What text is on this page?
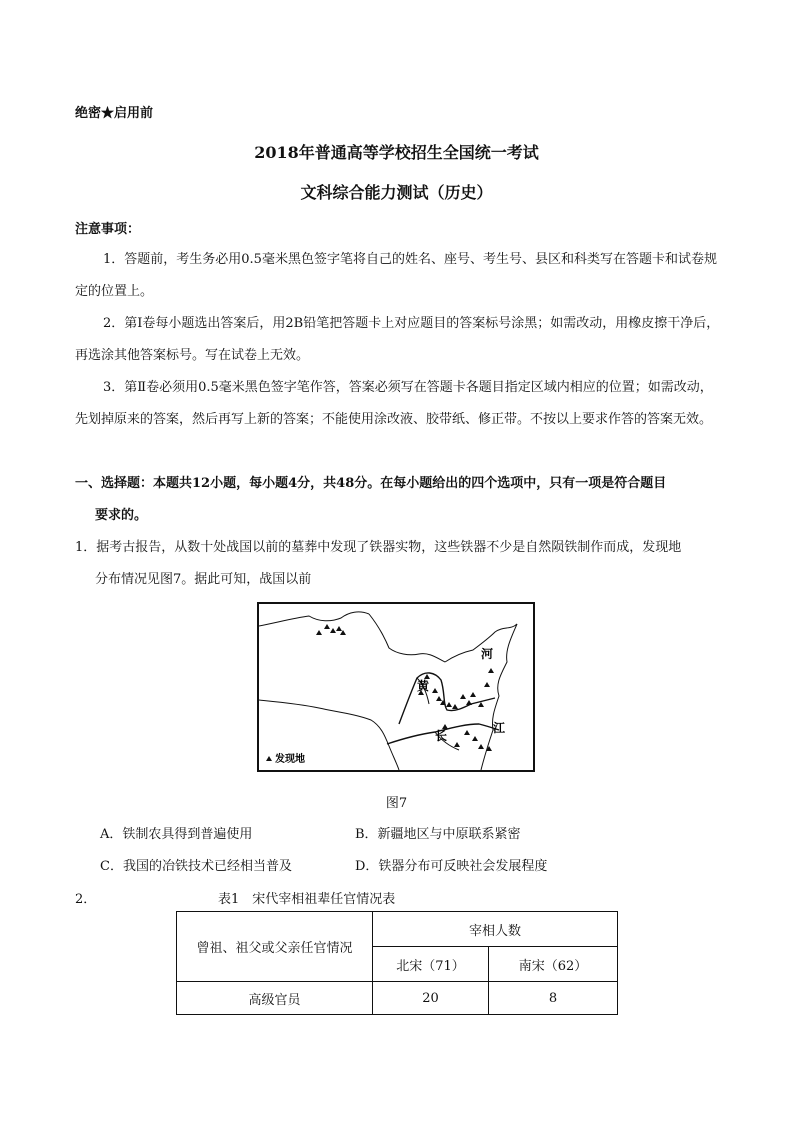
绝密★启用前
2018年普通高等学校招生全国统一考试
文科综合能力测试（历史）
注意事项：
1．答题前，考生务必用0.5毫米黑色签字笔将自己的姓名、座号、考生号、县区和科类写在答题卡和试卷规定的位置上。
2．第Ⅰ卷每小题选出答案后，用2B铅笔把答题卡上对应题目的答案标号涂黑；如需改动，用橡皮擦干净后，再选涂其他答案标号。写在试卷上无效。
3．第Ⅱ卷必须用0.5毫米黑色签字笔作答，答案必须写在答题卡各题目指定区域内相应的位置；如需改动，先划掉原来的答案，然后再写上新的答案；不能使用涂改液、胶带纸、修正带。不按以上要求作答的答案无效。
一、选择题：本题共12小题，每小题4分，共48分。在每小题给出的四个选项中，只有一项是符合题目
要求的。
1．据考古报告，从数十处战国以前的墓葬中发现了铁器实物，这些铁器不少是自然陨铁制作而成，发现地
分布情况见图7。据此可知，战国以前
黄
河
长
江
发现地
图7
A．铁制农具得到普遍使用	B．新疆地区与中原联系紧密
C．我国的冶铁技术已经相当普及	D．铁器分布可反映社会发展程度
2．	表1　宋代宰相祖辈任官情况表
曾祖、祖父或父亲任官情况	宰相人数	
	北宋（71）	南宋（62）
高级官员	20	8
